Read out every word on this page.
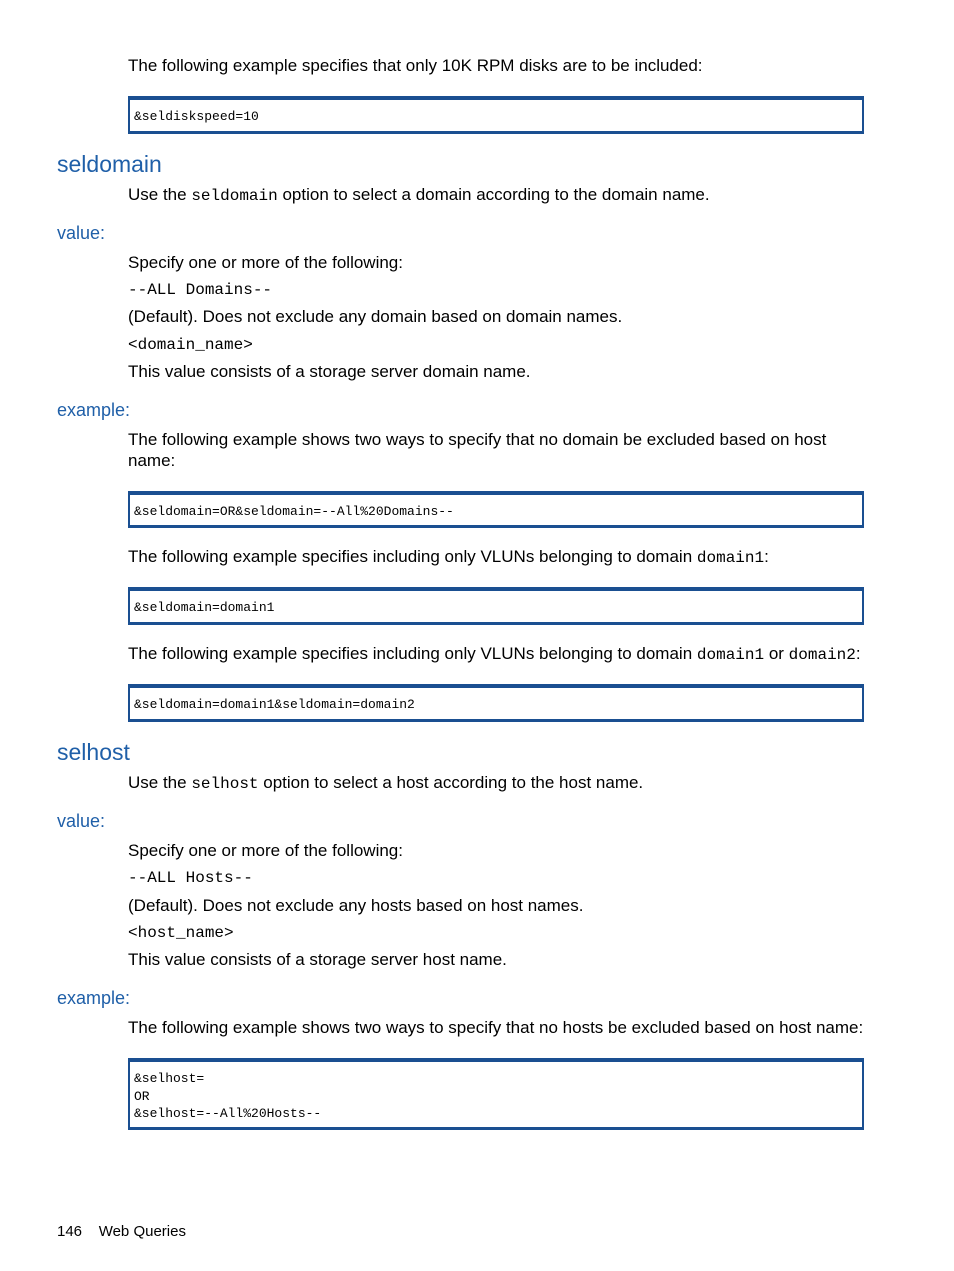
The following example specifies that only 10K RPM disks are to be included:
&seldiskspeed=10
seldomain
Use the seldomain option to select a domain according to the domain name.
value:
Specify one or more of the following:
--ALL Domains--
(Default). Does not exclude any domain based on domain names.
<domain_name>
This value consists of a storage server domain name.
example:
The following example shows two ways to specify that no domain be excluded based on host name:
&seldomain=OR&seldomain=--All%20Domains--
The following example specifies including only VLUNs belonging to domain domain1:
&seldomain=domain1
The following example specifies including only VLUNs belonging to domain domain1 or domain2:
&seldomain=domain1&seldomain=domain2
selhost
Use the selhost option to select a host according to the host name.
value:
Specify one or more of the following:
--ALL Hosts--
(Default). Does not exclude any hosts based on host names.
<host_name>
This value consists of a storage server host name.
example:
The following example shows two ways to specify that no hosts be excluded based on host name:
&selhost=
OR
&selhost=--All%20Hosts--
146 Web Queries
